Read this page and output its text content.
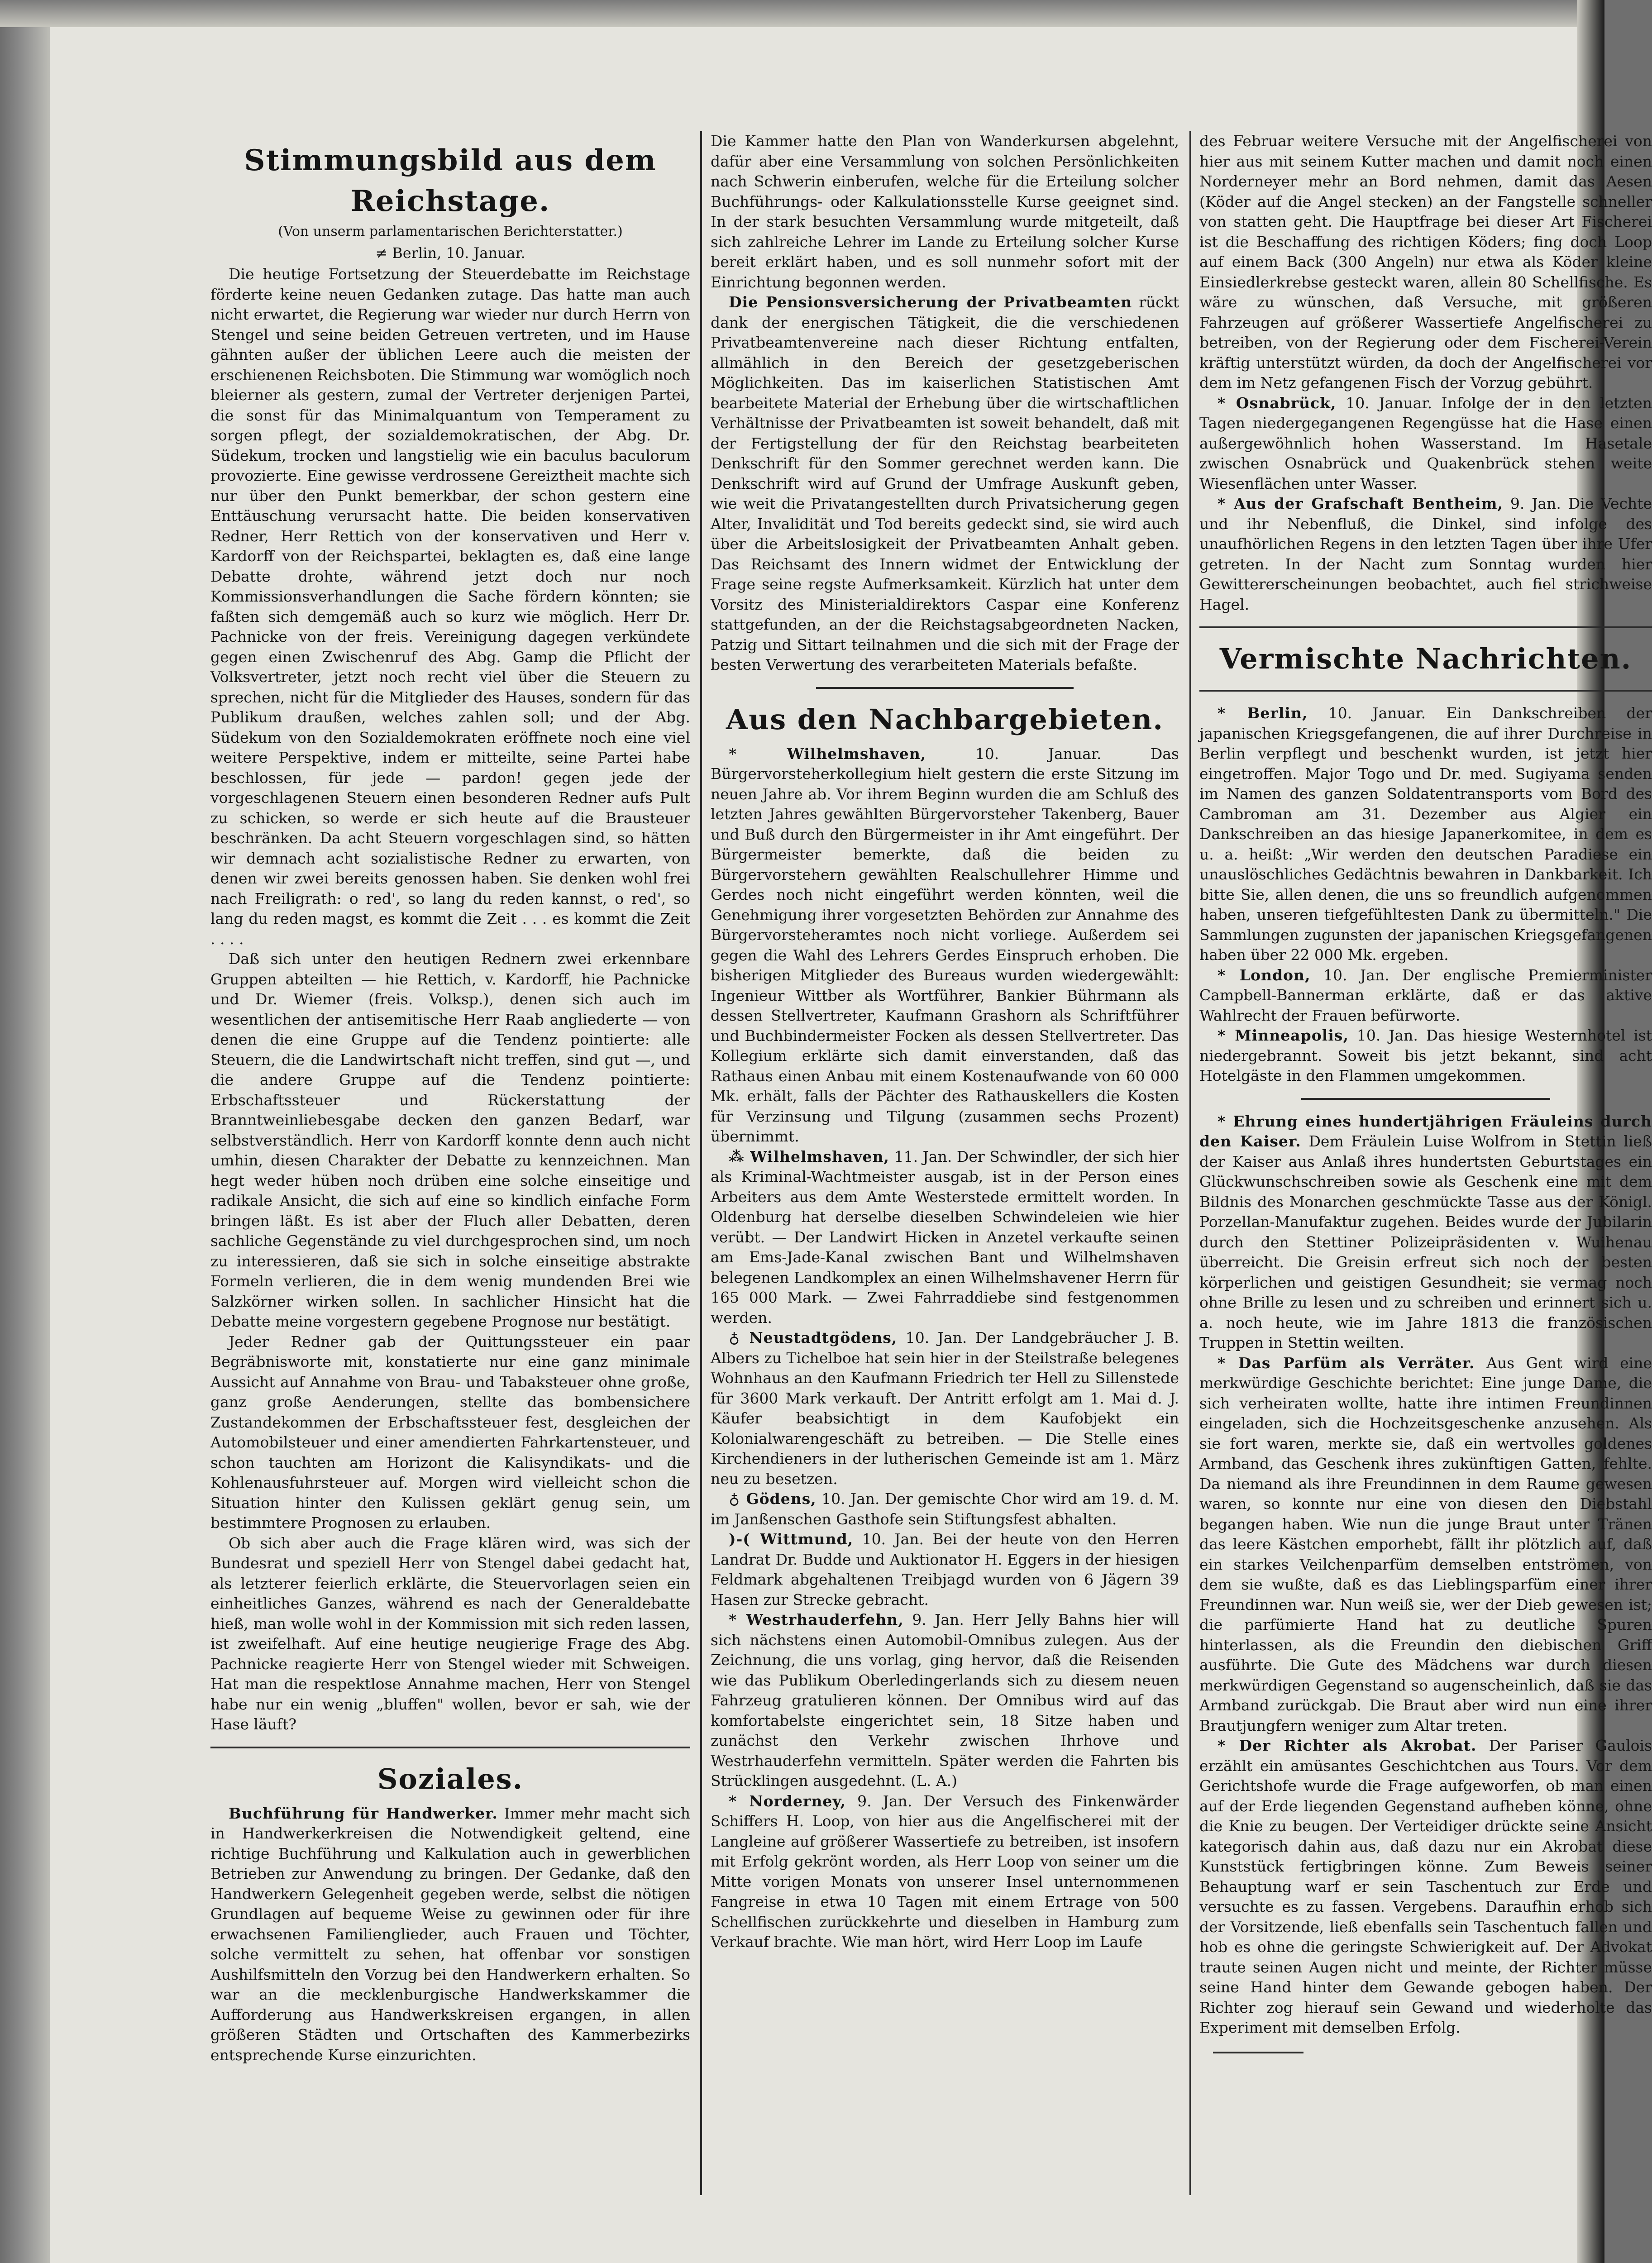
Stimmungsbild aus dem Reichstage.
(Von unserm parlamentarischen Berichterstatter.)
≠ Berlin, 10. Januar.

Die heutige Fortsetzung der Steuerdebatte im Reichstage förderte keine neuen Gedanken zutage. Das hatte man auch nicht erwartet, die Regierung war wieder nur durch Herrn von Stengel und seine beiden Getreuen vertreten, und im Hause gähnten außer der üblichen Leere auch die meisten der erschienenen Reichsboten. Die Stimmung war womöglich noch bleierner als gestern, zumal der Vertreter derjenigen Partei, die sonst für das Minimalquantum von Temperament zu sorgen pflegt, der sozialdemokratischen, der Abg. Dr. Südekum, trocken und langstielig wie ein baculus baculorum provozierte. Eine gewisse verdrossene Gereiztheit machte sich nur über den Punkt bemerkbar, der schon gestern eine Enttäuschung verursacht hatte. Die beiden konservativen Redner, Herr Rettich von der konservativen und Herr v. Kardorff von der Reichspartei, beklagten es, daß eine lange Debatte drohte, während jetzt doch nur noch Kommissionsverhandlungen die Sache fördern könnten; sie faßten sich demgemäß auch so kurz wie möglich. Herr Dr. Pachnicke von der freis. Vereinigung dagegen verkündete gegen einen Zwischenruf des Abg. Gamp die Pflicht der Volksvertreter, jetzt noch recht viel über die Steuern zu sprechen, nicht für die Mitglieder des Hauses, sondern für das Publikum draußen, welches zahlen soll; und der Abg. Südekum von den Sozialdemokraten eröffnete noch eine viel weitere Perspektive, indem er mitteilte, seine Partei habe beschlossen, für jede — pardon! gegen jede der vorgeschlagenen Steuern einen besonderen Redner aufs Pult zu schicken, so werde er sich heute auf die Brausteuer beschränken. Da acht Steuern vorgeschlagen sind, so hätten wir demnach acht sozialistische Redner zu erwarten, von denen wir zwei bereits genossen haben. Sie denken wohl frei nach Freiligrath: o red', so lang du reden kannst, o red', so lang du reden magst, es kommt die Zeit . . . es kommt die Zeit . . . .

Daß sich unter den heutigen Rednern zwei erkennbare Gruppen abteilten — hie Rettich, v. Kardorff, hie Pachnicke und Dr. Wiemer (freis. Volksp.), denen sich auch im wesentlichen der antisemitische Herr Raab angliederte — von denen die eine Gruppe auf die Tendenz pointierte: alle Steuern, die die Landwirtschaft nicht treffen, sind gut —, und die andere Gruppe auf die Tendenz pointierte: Erbschaftssteuer und Rückerstattung der Branntweinliebesgabe decken den ganzen Bedarf, war selbstverständlich. Herr von Kardorff konnte denn auch nicht umhin, diesen Charakter der Debatte zu kennzeichnen. Man hegt weder hüben noch drüben eine solche einseitige und radikale Ansicht, die sich auf eine so kindlich einfache Form bringen läßt. Es ist aber der Fluch aller Debatten, deren sachliche Gegenstände zu viel durchgesprochen sind, um noch zu interessieren, daß sie sich in solche einseitige abstrakte Formeln verlieren, die in dem wenig mundenden Brei wie Salzkörner wirken sollen. In sachlicher Hinsicht hat die Debatte meine vorgestern gegebene Prognose nur bestätigt.

Jeder Redner gab der Quittungssteuer ein paar Begräbnisworte mit, konstatierte nur eine ganz minimale Aussicht auf Annahme von Brau- und Tabaksteuer ohne große, ganz große Aenderungen, stellte das bombensichere Zustandekommen der Erbschaftssteuer fest, desgleichen der Automobilsteuer und einer amendierten Fahrkartensteuer, und schon tauchten am Horizont die Kalisyndikats- und die Kohlenausfuhrsteuer auf. Morgen wird vielleicht schon die Situation hinter den Kulissen geklärt genug sein, um bestimmtere Prognosen zu erlauben.

Ob sich aber auch die Frage klären wird, was sich der Bundesrat und speziell Herr von Stengel dabei gedacht hat, als letzterer feierlich erklärte, die Steuervorlagen seien ein einheitliches Ganzes, während es nach der Generaldebatte hieß, man wolle wohl in der Kommission mit sich reden lassen, ist zweifelhaft. Auf eine heutige neugierige Frage des Abg. Pachnicke reagierte Herr von Stengel wieder mit Schweigen. Hat man die respektlose Annahme machen, Herr von Stengel habe nur ein wenig „bluffen" wollen, bevor er sah, wie der Hase läuft?

Soziales.

Buchführung für Handwerker. Immer mehr macht sich in Handwerkerkreisen die Notwendigkeit geltend, eine richtige Buchführung und Kalkulation auch in gewerblichen Betrieben zur Anwendung zu bringen. Der Gedanke, daß den Handwerkern Gelegenheit gegeben werde, selbst die nötigen Grundlagen auf bequeme Weise zu gewinnen oder für ihre erwachsenen Familienglieder, auch Frauen und Töchter, solche vermittelt zu sehen, hat offenbar vor sonstigen Aushilfsmitteln den Vorzug bei den Handwerkern erhalten. So war an die mecklenburgische Handwerkskammer die Aufforderung aus Handwerkskreisen ergangen, in allen größeren Städten und Ortschaften des Kammerbezirks entsprechende Kurse einzurichten.

Die Kammer hatte den Plan von Wanderkursen abgelehnt, dafür aber eine Versammlung von solchen Persönlichkeiten nach Schwerin einberufen, welche für die Erteilung solcher Buchführungs- oder Kalkulationsstelle Kurse geeignet sind. In der stark besuchten Versammlung wurde mitgeteilt, daß sich zahlreiche Lehrer im Lande zu Erteilung solcher Kurse bereit erklärt haben, und es soll nunmehr sofort mit der Einrichtung begonnen werden.

Die Pensionsversicherung der Privatbeamten rückt dank der energischen Tätigkeit, die die verschiedenen Privatbeamtenvereine nach dieser Richtung entfalten, allmählich in den Bereich der gesetzgeberischen Möglichkeiten. Das im kaiserlichen Statistischen Amt bearbeitete Material der Erhebung über die wirtschaftlichen Verhältnisse der Privatbeamten ist soweit behandelt, daß mit der Fertigstellung der für den Reichstag bearbeiteten Denkschrift für den Sommer gerechnet werden kann. Die Denkschrift wird auf Grund der Umfrage Auskunft geben, wie weit die Privatangestellten durch Privatsicherung gegen Alter, Invalidität und Tod bereits gedeckt sind, sie wird auch über die Arbeitslosigkeit der Privatbeamten Anhalt geben. Das Reichsamt des Innern widmet der Entwicklung der Frage seine regste Aufmerksamkeit. Kürzlich hat unter dem Vorsitz des Ministerialdirektors Caspar eine Konferenz stattgefunden, an der die Reichstagsabgeordneten Nacken, Patzig und Sittart teilnahmen und die sich mit der Frage der besten Verwertung des verarbeiteten Materials befaßte.

Aus den Nachbargebieten.

* Wilhelmshaven,	10. Januar. Das Bürgervorsteherkollegium hielt gestern die erste Sitzung im neuen Jahre ab. Vor ihrem Beginn wurden die am Schluß des letzten Jahres gewählten Bürgervorsteher Takenberg, Bauer und Buß durch den Bürgermeister in ihr Amt eingeführt. Der Bürgermeister bemerkte, daß die beiden zu Bürgervorstehern gewählten Realschullehrer Himme und Gerdes noch nicht eingeführt werden könnten, weil die Genehmigung ihrer vorgesetzten Behörden zur Annahme des Bürgervorsteheramtes noch nicht vorliege. Außerdem sei gegen die Wahl des Lehrers Gerdes Einspruch erhoben. Die bisherigen Mitglieder des Bureaus wurden wiedergewählt: Ingenieur Wittber als Wortführer, Bankier Bührmann als dessen Stellvertreter, Kaufmann Grashorn als Schriftführer und Buchbindermeister Focken als dessen Stellvertreter. Das Kollegium erklärte sich damit einverstanden, daß das Rathaus einen Anbau mit einem Kostenaufwande von 60 000 Mk. erhält, falls der Pächter des Rathauskellers die Kosten für Verzinsung und Tilgung (zusammen sechs Prozent) übernimmt.

⁂ Wilhelmshaven, 11. Jan. Der Schwindler, der sich hier als Kriminal-Wachtmeister ausgab, ist in der Person eines Arbeiters aus dem Amte Westerstede ermittelt worden. In Oldenburg hat derselbe dieselben Schwindeleien wie hier verübt. — Der Landwirt Hicken in Anzetel verkaufte seinen am Ems-Jade-Kanal zwischen Bant und Wilhelmshaven belegenen Landkomplex an einen Wilhelmshavener Herrn für 165 000 Mark. — Zwei Fahrraddiebe sind festgenommen werden.

♁ Neustadtgödens, 10. Jan. Der Landgebräucher J. B. Albers zu Tichelboe hat sein hier in der Steilstraße belegenes Wohnhaus an den Kaufmann Friedrich ter Hell zu Sillenstede für 3600 Mark verkauft. Der Antritt erfolgt am 1. Mai d. J. Käufer beabsichtigt in dem Kaufobjekt ein Kolonialwarengeschäft zu betreiben. — Die Stelle eines Kirchendieners in der lutherischen Gemeinde ist am 1. März neu zu besetzen.

♁ Gödens, 10. Jan. Der gemischte Chor wird am 19. d. M. im Janßenschen Gasthofe sein Stiftungsfest abhalten.

)-( Wittmund, 10. Jan. Bei der heute von den Herren Landrat Dr. Budde und Auktionator H. Eggers in der hiesigen Feldmark abgehaltenen Treibjagd wurden von 6 Jägern 39 Hasen zur Strecke gebracht.

* Westrhauderfehn, 9. Jan. Herr Jelly Bahns hier will sich nächstens einen Automobil-Omnibus zulegen. Aus der Zeichnung, die uns vorlag, ging hervor, daß die Reisenden wie das Publikum Oberledingerlands sich zu diesem neuen Fahrzeug gratulieren können. Der Omnibus wird auf das komfortabelste eingerichtet sein, 18 Sitze haben und zunächst den Verkehr zwischen Ihrhove und Westrhauderfehn vermitteln. Später werden die Fahrten bis Strücklingen ausgedehnt. (L. A.)

* Norderney, 9. Jan. Der Versuch des Finkenwärder Schiffers H. Loop, von hier aus die Angelfischerei mit der Langleine auf größerer Wassertiefe zu betreiben, ist insofern mit Erfolg gekrönt worden, als Herr Loop von seiner um die Mitte vorigen Monats von unserer Insel unternommenen Fangreise in etwa 10 Tagen mit einem Ertrage von 500 Schellfischen zurückkehrte und dieselben in Hamburg zum Verkauf brachte. Wie man hört, wird Herr Loop im Laufe

des Februar weitere Versuche mit der Angelfischerei von hier aus mit seinem Kutter machen und damit noch einen Norderneyer mehr an Bord nehmen, damit das Aesen (Köder auf die Angel stecken) an der Fangstelle schneller von statten geht. Die Hauptfrage bei dieser Art Fischerei ist die Beschaffung des richtigen Köders; fing doch Loop auf einem Back (300 Angeln) nur etwa als Köder kleine Einsiedlerkrebse gesteckt waren, allein 80 Schellfische. Es wäre zu wünschen, daß Versuche, mit größeren Fahrzeugen auf größerer Wassertiefe Angelfischerei zu betreiben, von der Regierung oder dem Fischerei-Verein kräftig unterstützt würden, da doch der Angelfischerei vor dem im Netz gefangenen Fisch der Vorzug gebührt.

* Osnabrück, 10. Januar. Infolge der in den letzten Tagen niedergegangenen Regengüsse hat die Hase einen außergewöhnlich hohen Wasserstand. Im Hasetale zwischen Osnabrück und Quakenbrück stehen weite Wiesenflächen unter Wasser.

* Aus der Grafschaft Bentheim, 9. Jan. Die Vechte und ihr Nebenfluß, die Dinkel, sind infolge des unaufhörlichen Regens in den letzten Tagen über ihre Ufer getreten. In der Nacht zum Sonntag wurden hier Gewittererscheinungen beobachtet, auch fiel strichweise Hagel.

Vermischte Nachrichten.

* Berlin, 10. Januar. Ein Dankschreiben der japanischen Kriegsgefangenen, die auf ihrer Durchreise in Berlin verpflegt und beschenkt wurden, ist jetzt hier eingetroffen. Major Togo und Dr. med. Sugiyama senden im Namen des ganzen Soldatentransports vom Bord des Cambroman am 31. Dezember aus Algier ein Dankschreiben an das hiesige Japanerkomitee, in dem es u. a. heißt: „Wir werden den deutschen Paradiese ein unauslöschliches Gedächtnis bewahren in Dankbarkeit. Ich bitte Sie, allen denen, die uns so freundlich aufgenommen haben, unseren tiefgefühltesten Dank zu übermitteln." Die Sammlungen zugunsten der japanischen Kriegsgefangenen haben über 22 000 Mk. ergeben.

* London, 10. Jan. Der englische Premierminister Campbell-Bannerman erklärte, daß er das aktive Wahlrecht der Frauen befürworte.

* Minneapolis, 10. Jan. Das hiesige Westernhotel ist niedergebrannt. Soweit bis jetzt bekannt, sind acht Hotelgäste in den Flammen umgekommen.

* Ehrung eines hundertjährigen Fräuleins durch den Kaiser. Dem Fräulein Luise Wolfrom in Stettin ließ der Kaiser aus Anlaß ihres hundertsten Geburtstages ein Glückwunschschreiben sowie als Geschenk eine mit dem Bildnis des Monarchen geschmückte Tasse aus der Königl. Porzellan-Manufaktur zugehen. Beides wurde der Jubilarin durch den Stettiner Polizeipräsidenten v. Wuihenau überreicht. Die Greisin erfreut sich noch der besten körperlichen und geistigen Gesundheit; sie vermag noch ohne Brille zu lesen und zu schreiben und erinnert sich u. a. noch heute, wie im Jahre 1813 die französischen Truppen in Stettin weilten.

* Das Parfüm als Verräter. Aus Gent wird eine merkwürdige Geschichte berichtet: Eine junge Dame, die sich verheiraten wollte, hatte ihre intimen Freundinnen eingeladen, sich die Hochzeitsgeschenke anzusehen. Als sie fort waren, merkte sie, daß ein wertvolles goldenes Armband, das Geschenk ihres zukünftigen Gatten, fehlte. Da niemand als ihre Freundinnen in dem Raume gewesen waren, so konnte nur eine von diesen den Diebstahl begangen haben. Wie nun die junge Braut unter Tränen das leere Kästchen emporhebt, fällt ihr plötzlich auf, daß ein starkes Veilchenparfüm demselben entströmen, von dem sie wußte, daß es das Lieblingsparfüm einer ihrer Freundinnen war. Nun weiß sie, wer der Dieb gewesen ist; die parfümierte Hand hat zu deutliche Spuren hinterlassen, als die Freundin den diebischen Griff ausführte. Die Gute des Mädchens war durch diesen merkwürdigen Gegenstand so augenscheinlich, daß sie das Armband zurückgab. Die Braut aber wird nun eine ihrer Brautjungfern weniger zum Altar treten.

* Der Richter als Akrobat. Der Pariser Gaulois erzählt ein amüsantes Geschichtchen aus Tours. Vor dem Gerichtshofe wurde die Frage aufgeworfen, ob man einen auf der Erde liegenden Gegenstand aufheben könne, ohne die Knie zu beugen. Der Verteidiger drückte seine Ansicht kategorisch dahin aus, daß dazu nur ein Akrobat diese Kunststück fertigbringen könne. Zum Beweis seiner Behauptung warf er sein Taschentuch zur Erde und versuchte es zu fassen. Vergebens. Daraufhin erhob sich der Vorsitzende, ließ ebenfalls sein Taschentuch fallen und hob es ohne die geringste Schwierigkeit auf. Der Advokat traute seinen Augen nicht und meinte, der Richter müsse seine Hand hinter dem Gewande gebogen haben. Der Richter zog hierauf sein Gewand und wiederholte das Experiment mit demselben Erfolg.
